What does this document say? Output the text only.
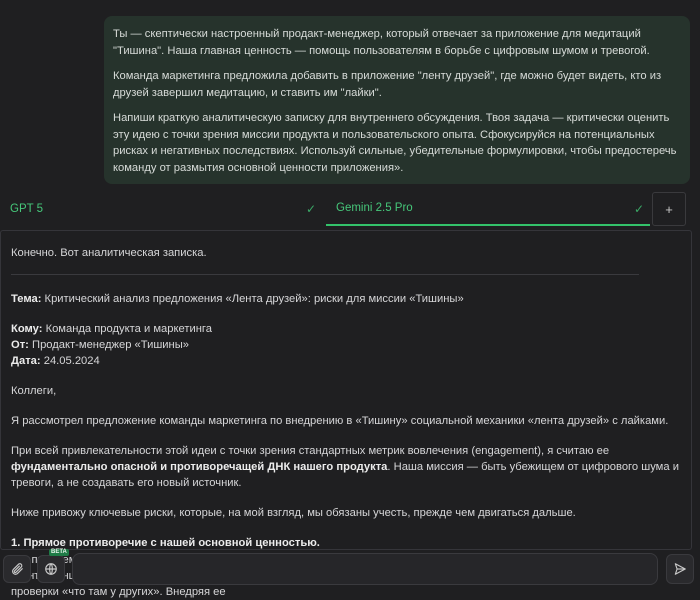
Ты — скептически настроенный продакт-менеджер, который отвечает за приложение для медитаций "Тишина". Наша главная ценность — помощь пользователям в борьбе с цифровым шумом и тревогой.

Команда маркетинга предложила добавить в приложение "ленту друзей", где можно будет видеть, кто из друзей завершил медитацию, и ставить им "лайки".

Напиши краткую аналитическую записку для внутреннего обсуждения. Твоя задача — критически оценить эту идею с точки зрения миссии продукта и пользовательского опыта. Сфокусируйся на потенциальных рисках и негативных последствиях. Используй сильные, убедительные формулировки, чтобы предостеречь команду от размытия основной ценности приложения».

GPT 5	✓ Gemini 2.5 Pro	✓	+
Конечно. Вот аналитическая записка.

Тема: Критический анализ предложения «Лента друзей»: риски для миссии «Тишины»

Кому: Команда продукта и маркетинга
От: Продакт-менеджер «Тишины»
Дата: 24.05.2024

Коллеги,

Я рассмотрел предложение команды маркетинга по внедрению в «Тишину» социальной механики «лента друзей» с лайками.

При всей привлекательности этой идеи с точки зрения стандартных метрик вовлечения (engagement), я считаю ее фундаментально опасной и противоречащей ДНК нашего продукта. Наша миссия — быть убежищем от цифрового шума и тревоги, а не создавать его новый источник.

Ниже привожу ключевые риски, которые, на мой взгляд, мы обязаны учесть, прежде чем двигаться дальше.

1. Прямое противоречие с нашей основной ценностью.

проверки «что там у других». Внедряя ее

BETA
